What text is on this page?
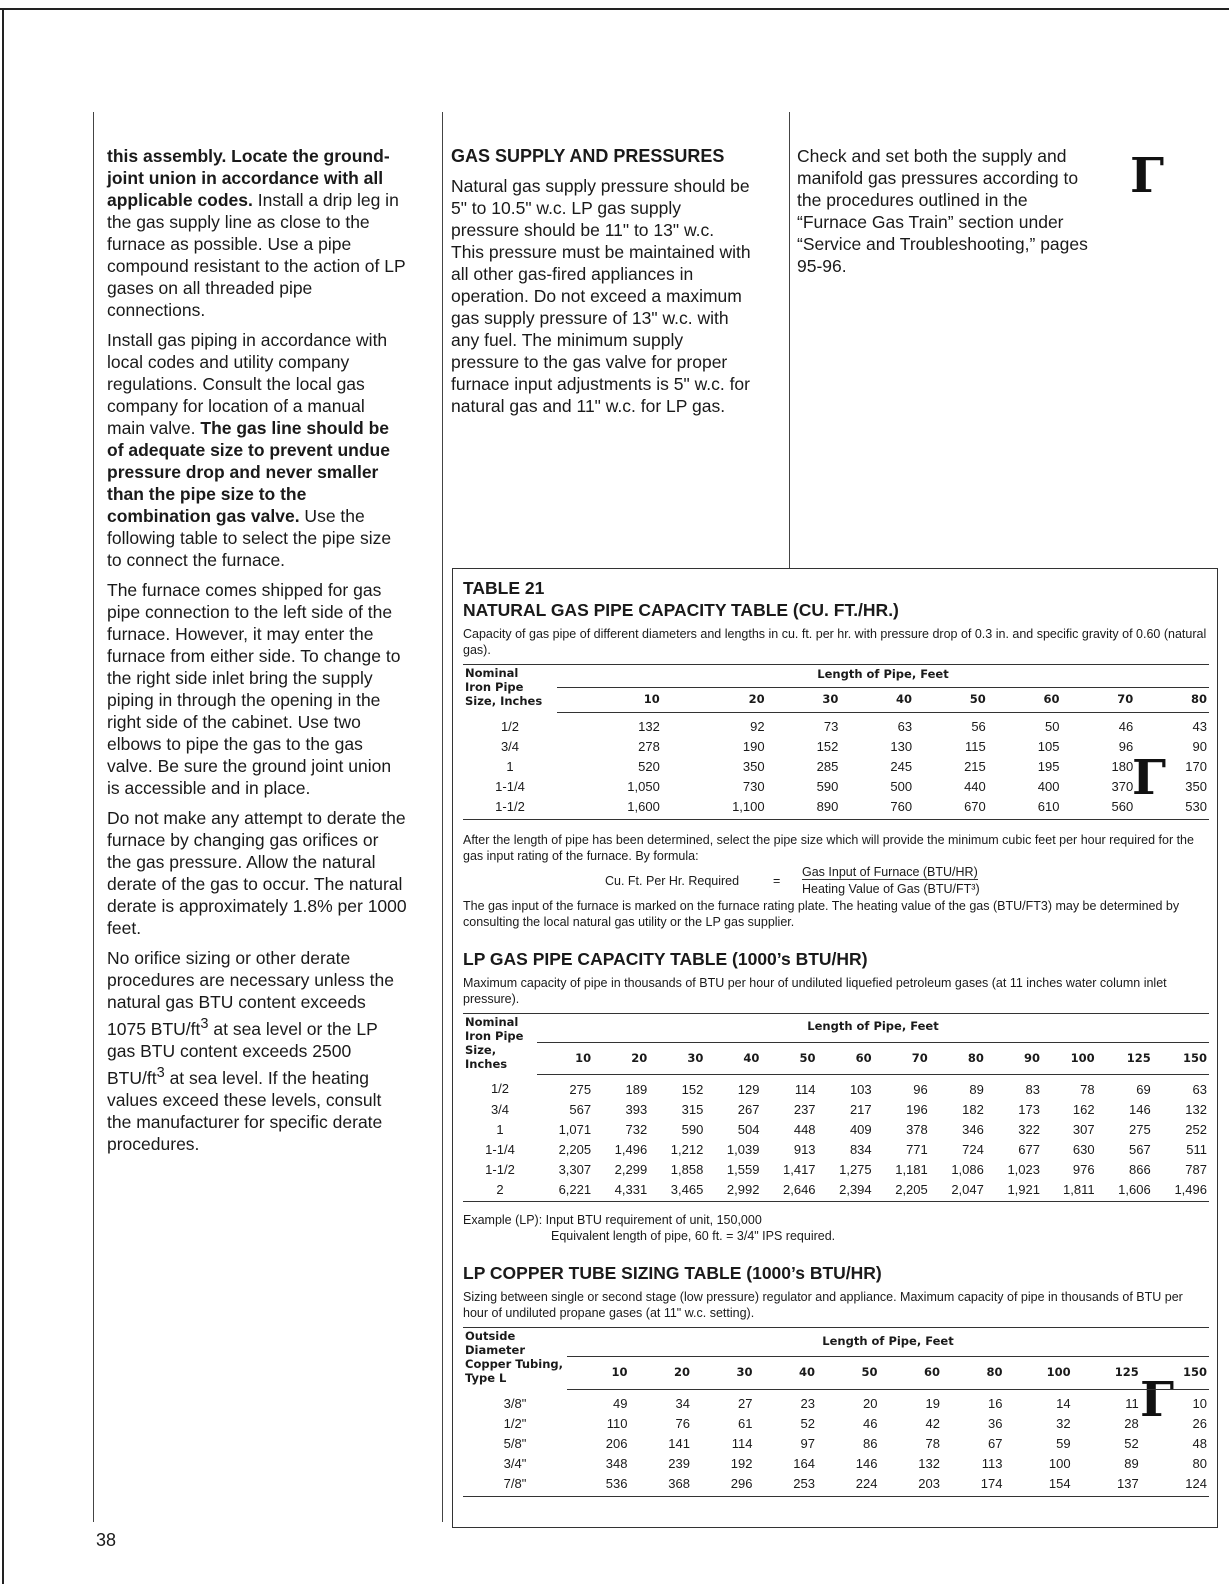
this assembly. Locate the ground-joint union in accordance with all applicable codes. Install a drip leg in the gas supply line as close to the furnace as possible. Use a pipe compound resistant to the action of LP gases on all threaded pipe connections.

Install gas piping in accordance with local codes and utility company regulations. Consult the local gas company for location of a manual main valve. The gas line should be of adequate size to prevent undue pressure drop and never smaller than the pipe size to the combination gas valve. Use the following table to select the pipe size to connect the furnace.

The furnace comes shipped for gas pipe connection to the left side of the furnace. However, it may enter the furnace from either side. To change to the right side inlet bring the supply piping in through the opening in the right side of the cabinet. Use two elbows to pipe the gas to the gas valve. Be sure the ground joint union is accessible and in place.

Do not make any attempt to derate the furnace by changing gas orifices or the gas pressure. Allow the natural derate of the gas to occur. The natural derate is approximately 1.8% per 1000 feet.

No orifice sizing or other derate procedures are necessary unless the natural gas BTU content exceeds 1075 BTU/$ft^3$ at sea level or the LP gas BTU content exceeds 2500 BTU/$ft^3$ at sea level. If the heating values exceed these levels, consult the manufacturer for specific derate procedures.

GAS SUPPLY AND PRESSURES

Natural gas supply pressure should be 5" to 10.5" w.c. LP gas supply pressure should be 11" to 13" w.c. This pressure must be maintained with all other gas-fired appliances in operation. Do not exceed a maximum gas supply pressure of 13" w.c. with any fuel. The minimum supply pressure to the gas valve for proper furnace input adjustments is 5" w.c. for natural gas and 11" w.c. for LP gas.

Check and set both the supply and manifold gas pressures according to the procedures outlined in the “Furnace Gas Train” section under “Service and Troubleshooting,” pages 95-96.

Γ
Γ
Γ

TABLE 21

NATURAL GAS PIPE CAPACITY TABLE (CU. FT./HR.)

Capacity of gas pipe of different diameters and lengths in cu. ft. per hr. with pressure drop of 0.3 in. and specific gravity of 0.60 (natural gas).

Nominal
Iron Pipe
Size, Inches	Length of Pipe, Feet							
	10	20	30	40	50	60	70	80
1/2	132	92	73	63	56	50	46	43
3/4	278	190	152	130	115	105	96	90
1	520	350	285	245	215	195	180	170
1-1/4	1,050	730	590	500	440	400	370	350
1-1/2	1,600	1,100	890	760	670	610	560	530

After the length of pipe has been determined, select the pipe size which will provide the minimum cubic feet per hour required for the gas input rating of the furnace. By formula:

Cu. Ft. Per Hr. Required	=
Gas Input of Furnace (BTU/HR)
Heating Value of Gas (BTU/FT³)

The gas input of the furnace is marked on the furnace rating plate. The heating value of the gas (BTU/FT3) may be determined by consulting the local natural gas utility or the LP gas supplier.

LP GAS PIPE CAPACITY TABLE (1000’s BTU/HR)

Maximum capacity of pipe in thousands of BTU per hour of undiluted liquefied petroleum gases (at 11 inches water column inlet pressure).

Nominal
Iron Pipe
Size, Inches	Length of Pipe, Feet											
	10	20	30	40	50	60	70	80	90	100	125	150
1/2	275	189	152	129	114	103	96	89	83	78	69	63
3/4	567	393	315	267	237	217	196	182	173	162	146	132
1	1,071	732	590	504	448	409	378	346	322	307	275	252
1-1/4	2,205	1,496	1,212	1,039	913	834	771	724	677	630	567	511
1-1/2	3,307	2,299	1,858	1,559	1,417	1,275	1,181	1,086	1,023	976	866	787
2	6,221	4,331	3,465	2,992	2,646	2,394	2,205	2,047	1,921	1,811	1,606	1,496
Example (LP): Input BTU requirement of unit, 150,000
Equivalent length of pipe, 60 ft. = 3/4" IPS required.

LP COPPER TUBE SIZING TABLE (1000’s BTU/HR)

Sizing between single or second stage (low pressure) regulator and appliance. Maximum capacity of pipe in thousands of BTU per hour of undiluted propane gases (at 11" w.c. setting).

Outside Diameter
Copper Tubing,
Type L	Length of Pipe, Feet									
	10	20	30	40	50	60	80	100	125	150
3/8"	49	34	27	23	20	19	16	14	11	10
1/2"	110	76	61	52	46	42	36	32	28	26
5/8"	206	141	114	97	86	78	67	59	52	48
3/4"	348	239	192	164	146	132	113	100	89	80
7/8"	536	368	296	253	224	203	174	154	137	124
38
